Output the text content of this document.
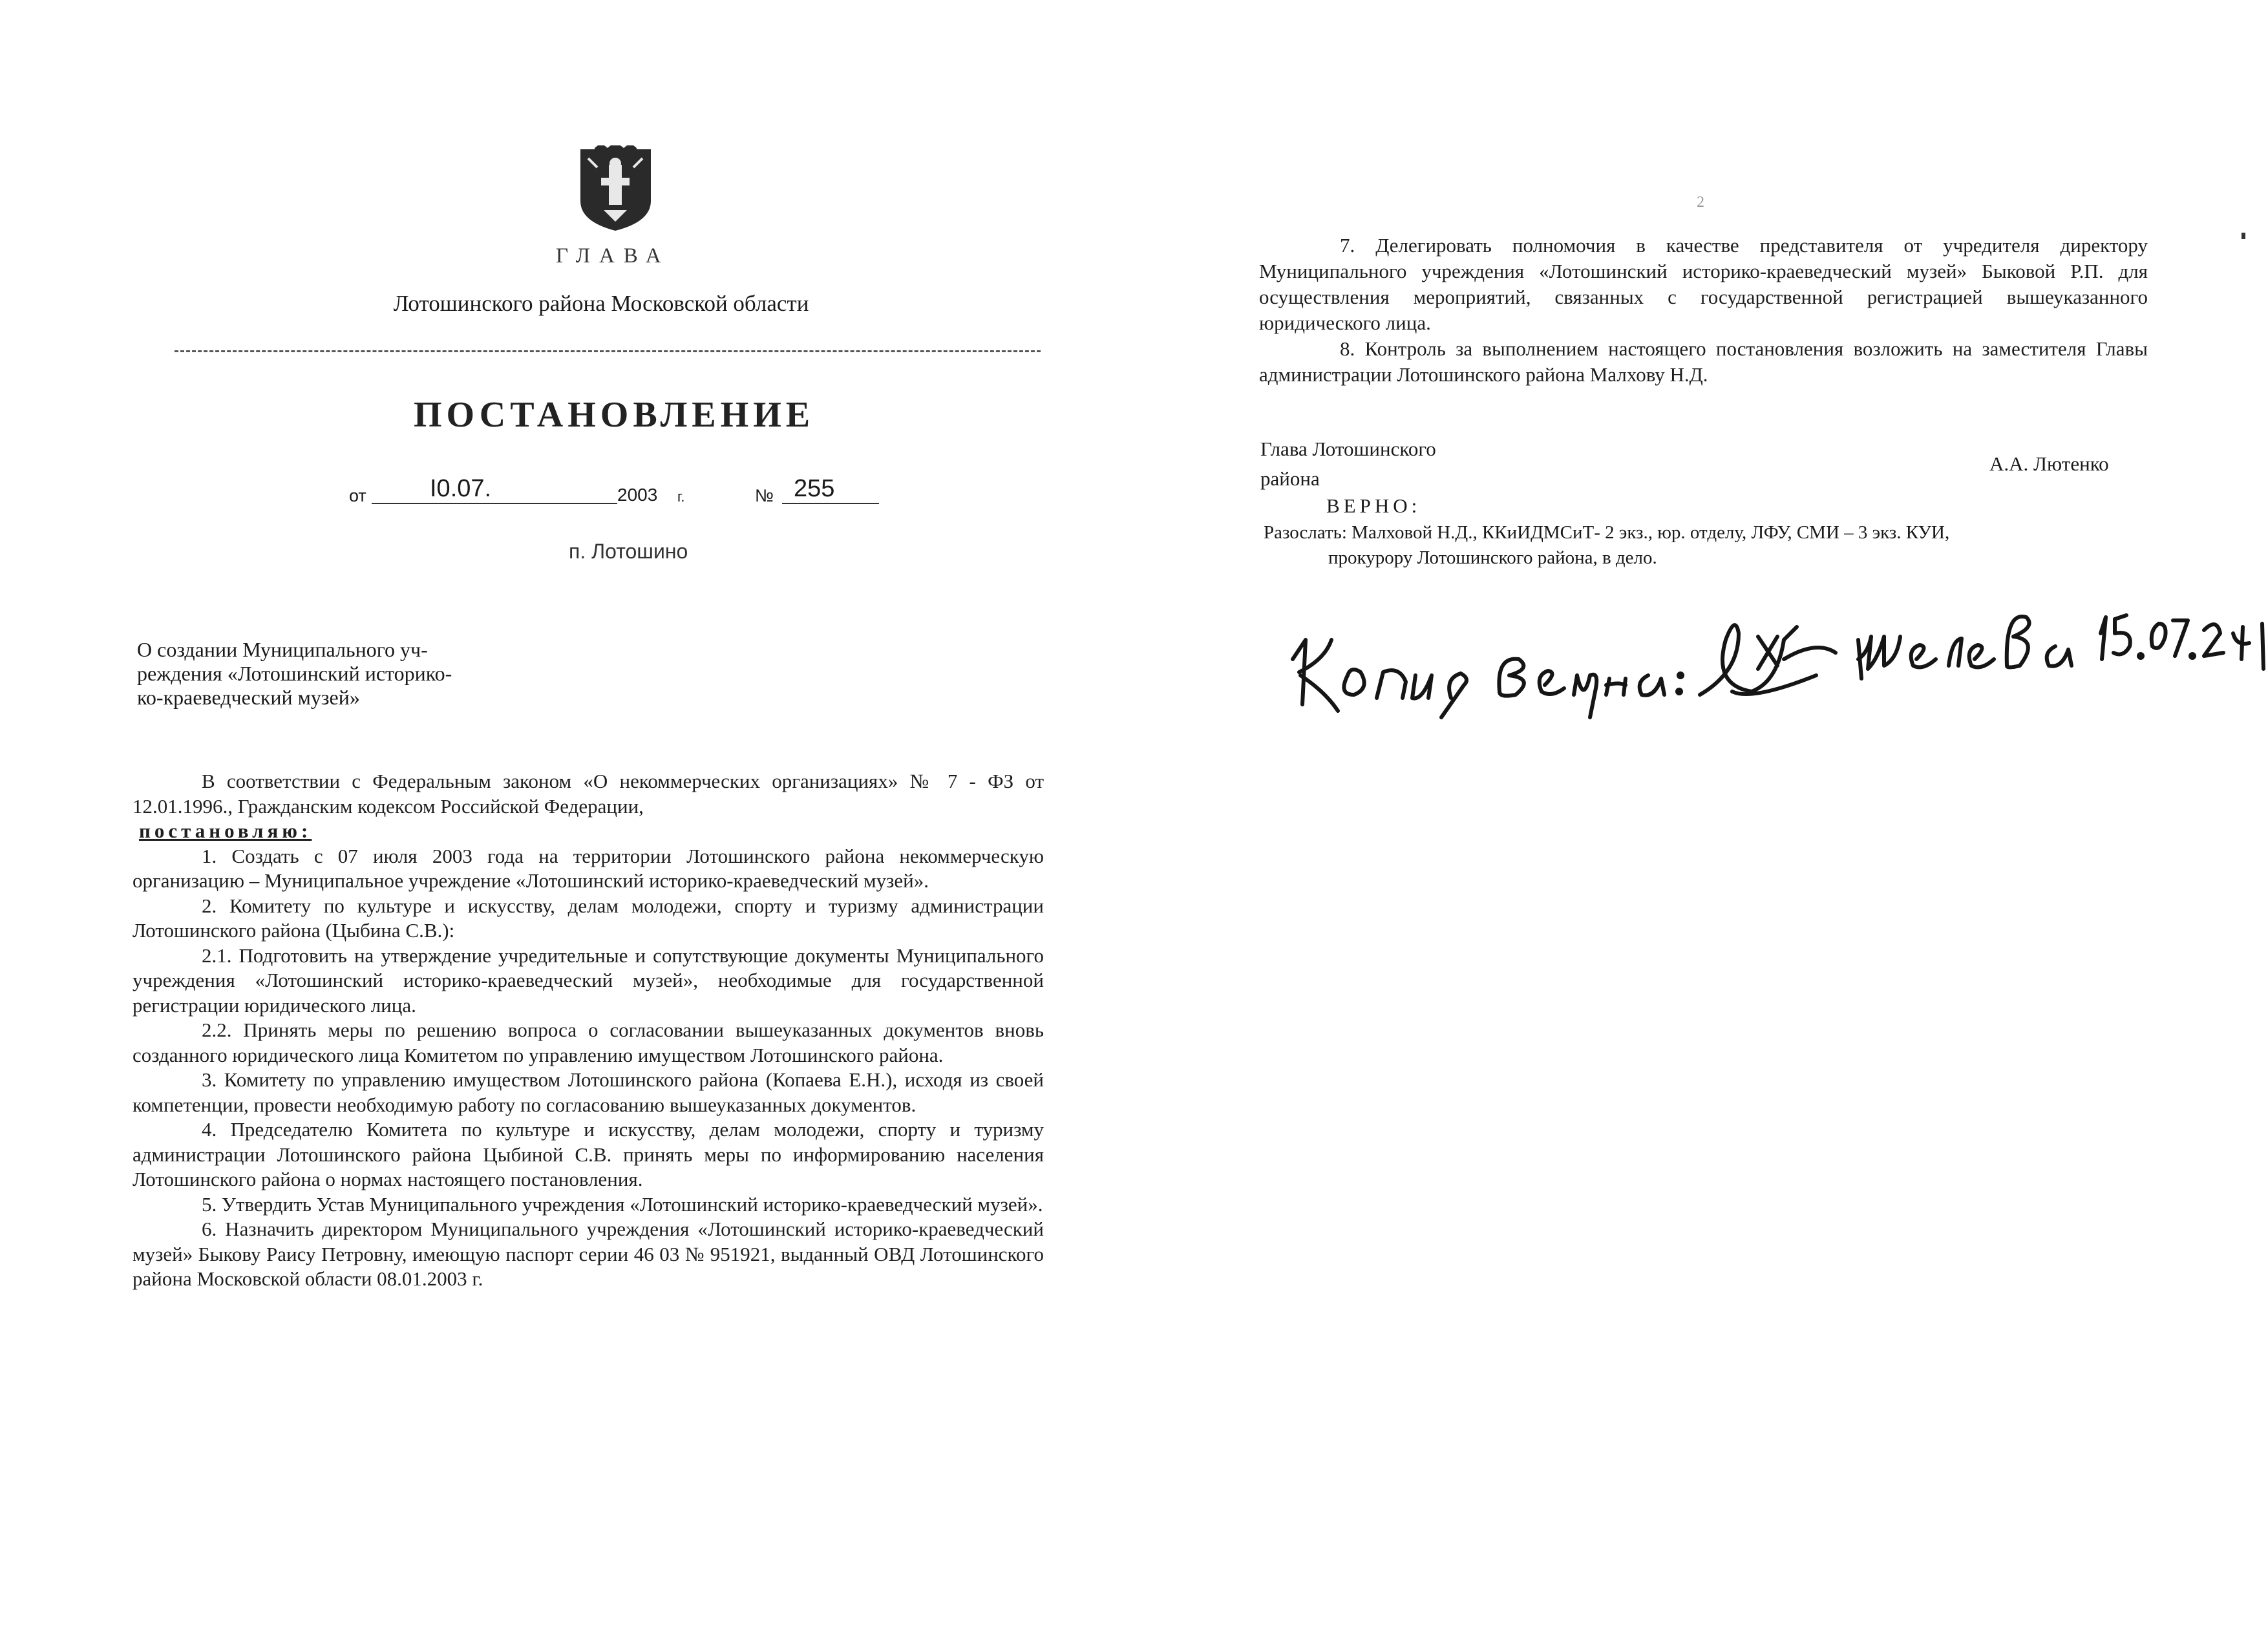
ГЛАВА
Лотошинского района Московской области
ПОСТАНОВЛЕНИЕ
от	I0.07.	2003 г.	№ 255
п. Лотошино
О создании Муниципального уч-
реждения «Лотошинский историко-
ко-краеведческий музей»

В соответствии с Федеральным законом «О некоммерческих организациях» № 7 - ФЗ от 12.01.1996., Гражданским кодексом Российской Федерации,

постановляю:

1. Создать с 07 июля 2003 года на территории Лотошинского района некоммерческую организацию – Муниципальное учреждение «Лотошинский историко-краеведческий музей».

2. Комитету по культуре и искусству, делам молодежи, спорту и туризму администрации Лотошинского района (Цыбина С.В.):

2.1. Подготовить на утверждение учредительные и сопутствующие документы Муниципального учреждения «Лотошинский историко-краеведческий музей», необходимые для государственной регистрации юридического лица.

2.2. Принять меры по решению вопроса о согласовании вышеуказанных документов вновь созданного юридического лица Комитетом по управлению имуществом Лотошинского района.

3. Комитету по управлению имуществом Лотошинского района (Копаева Е.Н.), исходя из своей компетенции, провести необходимую работу по согласованию вышеуказанных документов.

4. Председателю Комитета по культуре и искусству, делам молодежи, спорту и туризму администрации Лотошинского района Цыбиной С.В. принять меры по информированию населения Лотошинского района о нормах настоящего постановления.

5. Утвердить Устав Муниципального учреждения «Лотошинский историко-краеведческий музей».

6. Назначить директором Муниципального учреждения «Лотошинский историко-краеведческий музей» Быкову Раису Петровну, имеющую паспорт серии 46 03 № 951921, выданный ОВД Лотошинского района Московской области 08.01.2003 г.

2

7. Делегировать полномочия в качестве представителя от учредителя директору Муниципального учреждения «Лотошинский историко-краеведческий музей» Быковой Р.П. для осуществления мероприятий, связанных с государственной регистрацией вышеуказанного юридического лица.

8. Контроль за выполнением настоящего постановления возложить на заместителя Главы администрации Лотошинского района Малхову Н.Д.

Глава Лотошинского
района
А.А. Лютенко
ВЕРНО:
Разослать: Малховой Н.Д., ККиИДМСиТ- 2 экз., юр. отделу, ЛФУ, СМИ – 3 экз. КУИ,
прокурору Лотошинского района, в дело.
